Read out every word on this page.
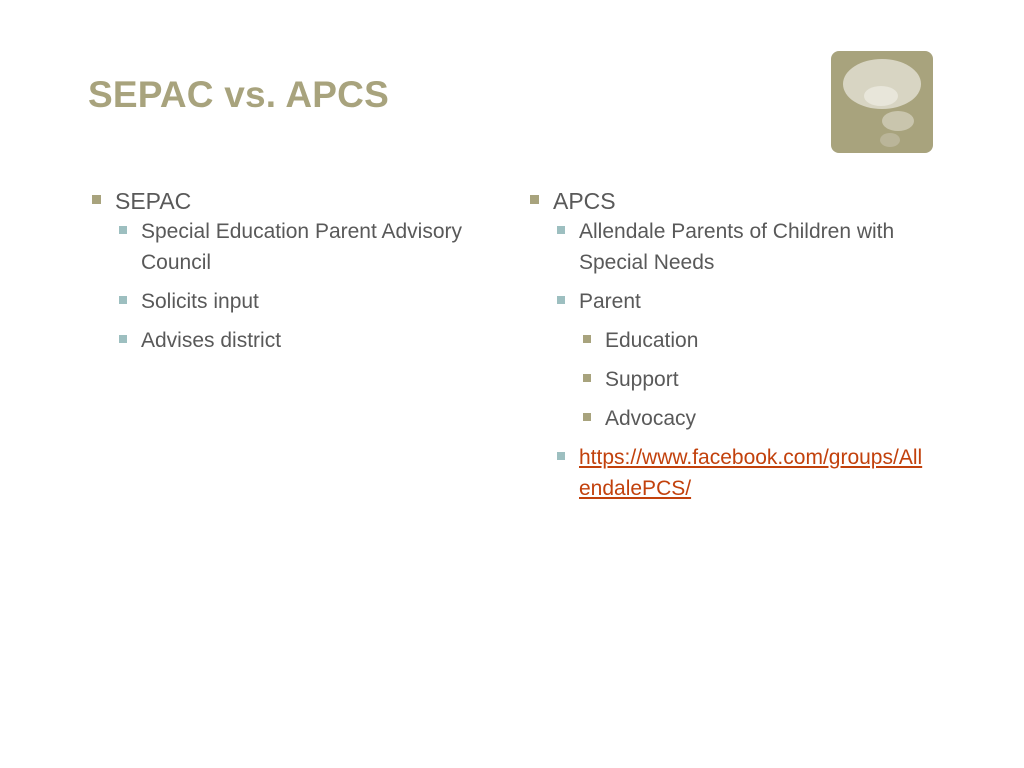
SEPAC vs. APCS
SEPAC
Special Education Parent Advisory Council
Solicits input
Advises district
APCS
Allendale Parents of Children with Special Needs
Parent
Education
Support
Advocacy
https://www.facebook.com/groups/AllendalePCS/
